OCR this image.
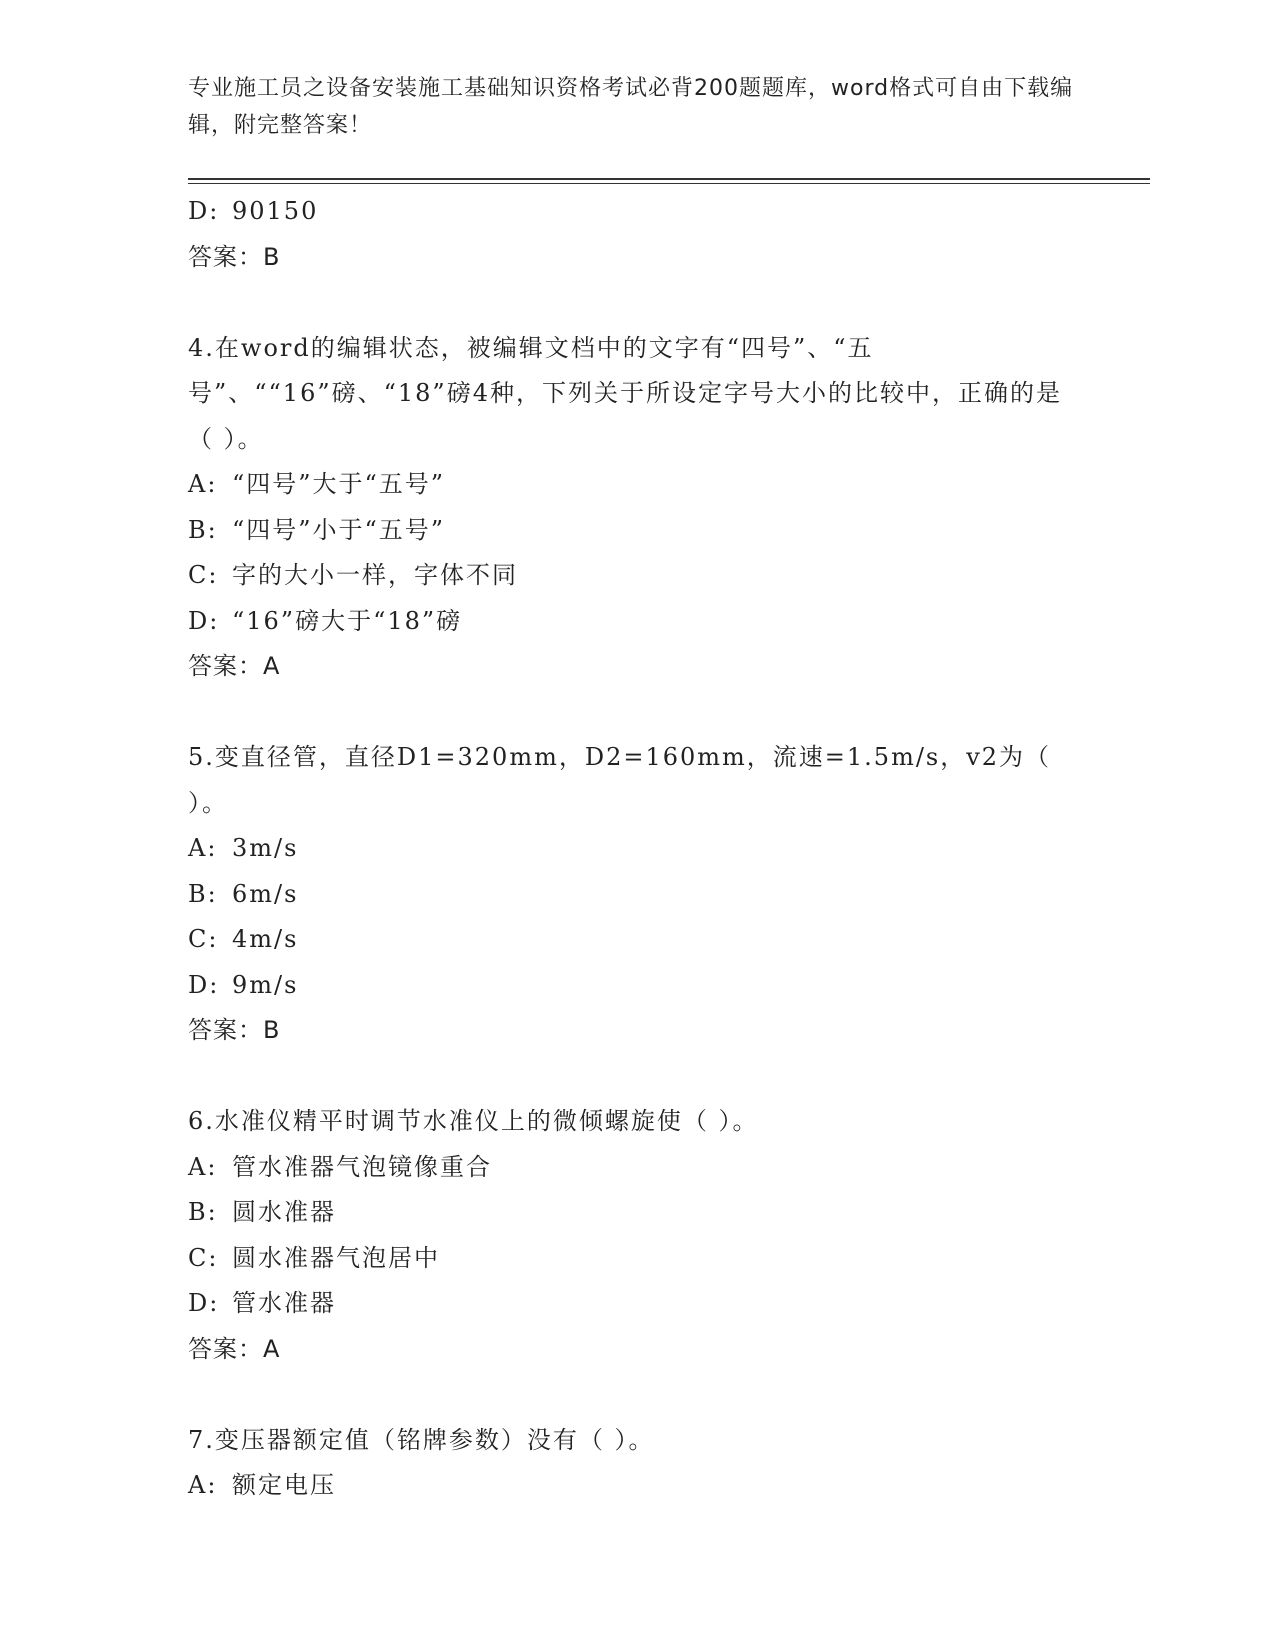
专业施工员之设备安装施工基础知识资格考试必背200题题库，word格式可自由下载编辑，附完整答案！
D: 90150
答案：B
4.在word的编辑状态，被编辑文档中的文字有“四号”、“五号”、““16”磅、“18”磅4种，下列关于所设定字号大小的比较中，正确的是（ ）。
A: “四号”大于“五号”
B: “四号”小于“五号”
C: 字的大小一样，字体不同
D: “16”磅大于“18”磅
答案：A
5.变直径管，直径D1=320mm，D2=160mm，流速=1.5m/s，v2为（ ）。
A: 3m/s
B: 6m/s
C: 4m/s
D: 9m/s
答案：B
6.水准仪精平时调节水准仪上的微倾螺旋使（ ）。
A: 管水准器气泡镜像重合
B: 圆水准器
C: 圆水准器气泡居中
D: 管水准器
答案：A
7.变压器额定值（铭牌参数）没有（ ）。
A: 额定电压
